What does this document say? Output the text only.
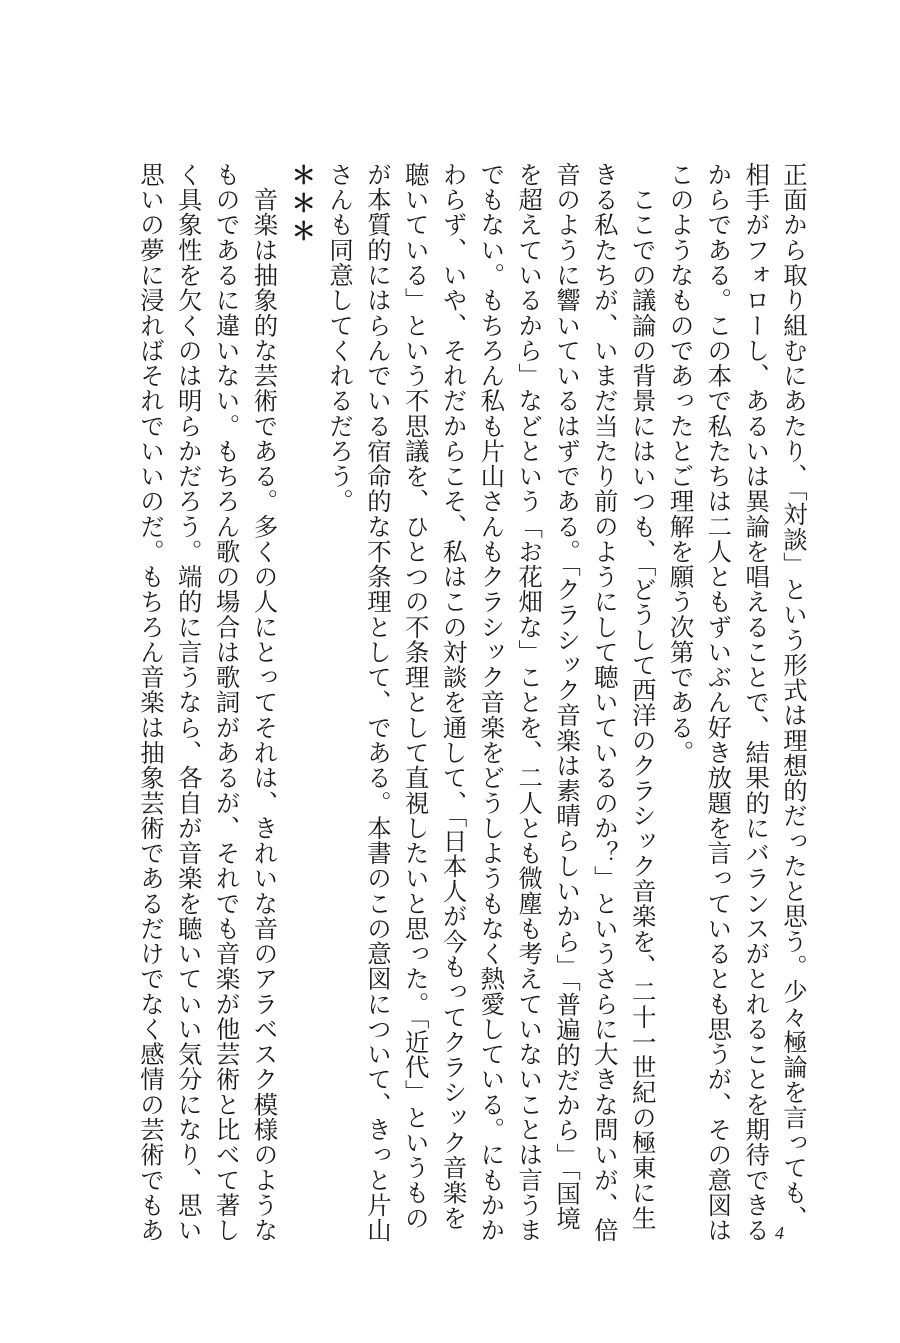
正面から取り組むにあたり、「対談」という形式は理想的だったと思う。少々極論を言っても、
相手がフォローし、あるいは異論を唱えることで、結果的にバランスがとれることを期待できる
からである。この本で私たちは二人ともずいぶん好き放題を言っているとも思うが、その意図は
このようなものであったとご理解を願う次第である。
　ここでの議論の背景にはいつも、「どうして西洋のクラシック音楽を、二十一世紀の極東に生
きる私たちが、いまだ当たり前のようにして聴いているのか？」というさらに大きな問いが、倍
音のように響いているはずである。「クラシック音楽は素晴らしいから」「普遍的だから」「国境
を超えているから」などという「お花畑な」ことを、二人とも微塵も考えていないことは言うま
でもない。もちろん私も片山さんもクラシック音楽をどうしようもなく熱愛している。にもかか
わらず、いや、それだからこそ、私はこの対談を通して、「日本人が今もってクラシック音楽を
聴いている」という不思議を、ひとつの不条理として直視したいと思った。「近代」というもの
が本質的にはらんでいる宿命的な不条理として、である。本書のこの意図について、きっと片山
さんも同意してくれるだろう。
＊＊＊
　音楽は抽象的な芸術である。多くの人にとってそれは、きれいな音のアラベスク模様のような
ものであるに違いない。もちろん歌の場合は歌詞があるが、それでも音楽が他芸術と比べて著し
く具象性を欠くのは明らかだろう。端的に言うなら、各自が音楽を聴いていい気分になり、思い
思いの夢に浸ればそれでいいのだ。もちろん音楽は抽象芸術であるだけでなく感情の芸術でもあ	4
